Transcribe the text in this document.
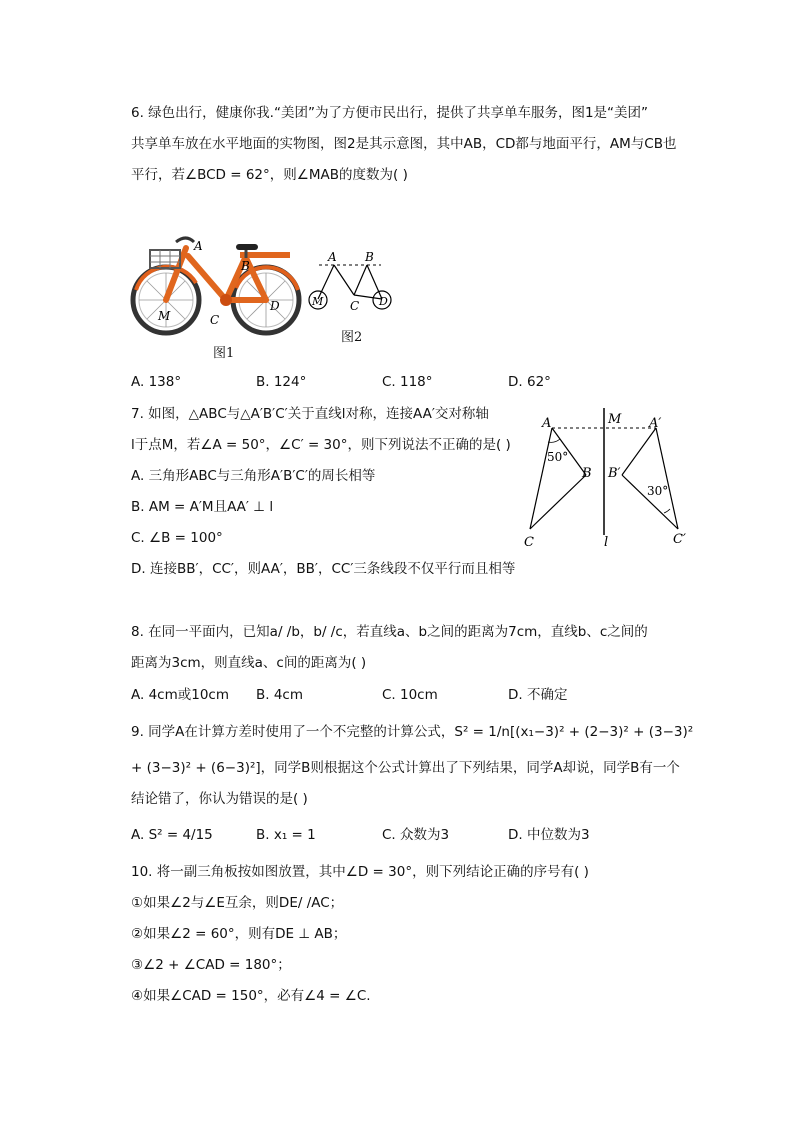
6. 绿色出行，健康你我.“美团”为了方便市民出行，提供了共享单车服务，图1是“美团”
共享单车放在水平地面的实物图，图2是其示意图，其中AB，CD都与地面平行，AM与CB也
平行，若∠BCD = 62°，则∠MAB的度数为( )
A
B
C
D
M
图1
A B
C D
M
图2
A. 138°	B. 124°	C. 118°	D. 62°
7. 如图，△ABC与△A′B′C′关于直线l对称，连接AA′交对称轴
l于点M，若∠A = 50°，∠C′ = 30°，则下列说法不正确的是( )
A. 三角形ABC与三角形A′B′C′的周长相等
B. AM = A′M且AA′ ⊥ l
C. ∠B = 100°
D. 连接BB′，CC′，则AA′，BB′，CC′三条线段不仅平行而且相等
A	M A′
50°
B B′
30°
C	l	C′
8. 在同一平面内，已知a/ /b，b/ /c，若直线a、b之间的距离为7cm，直线b、c之间的
距离为3cm，则直线a、c间的距离为( )
A. 4cm或10cm B. 4cm	C. 10cm	D. 不确定
9. 同学A在计算方差时使用了一个不完整的计算公式，S² = 1/n[(x₁−3)² + (2−3)² + (3−3)²
+ (3−3)² + (6−3)²]，同学B则根据这个公式计算出了下列结果，同学A却说，同学B有一个
结论错了，你认为错误的是( )
A. S² = 4/15	B. x₁ = 1	C. 众数为3	D. 中位数为3
10. 将一副三角板按如图放置，其中∠D = 30°，则下列结论正确的序号有( )
①如果∠2与∠E互余，则DE/ /AC；
②如果∠2 = 60°，则有DE ⊥ AB；
③∠2 + ∠CAD = 180°；
④如果∠CAD = 150°，必有∠4 = ∠C.
